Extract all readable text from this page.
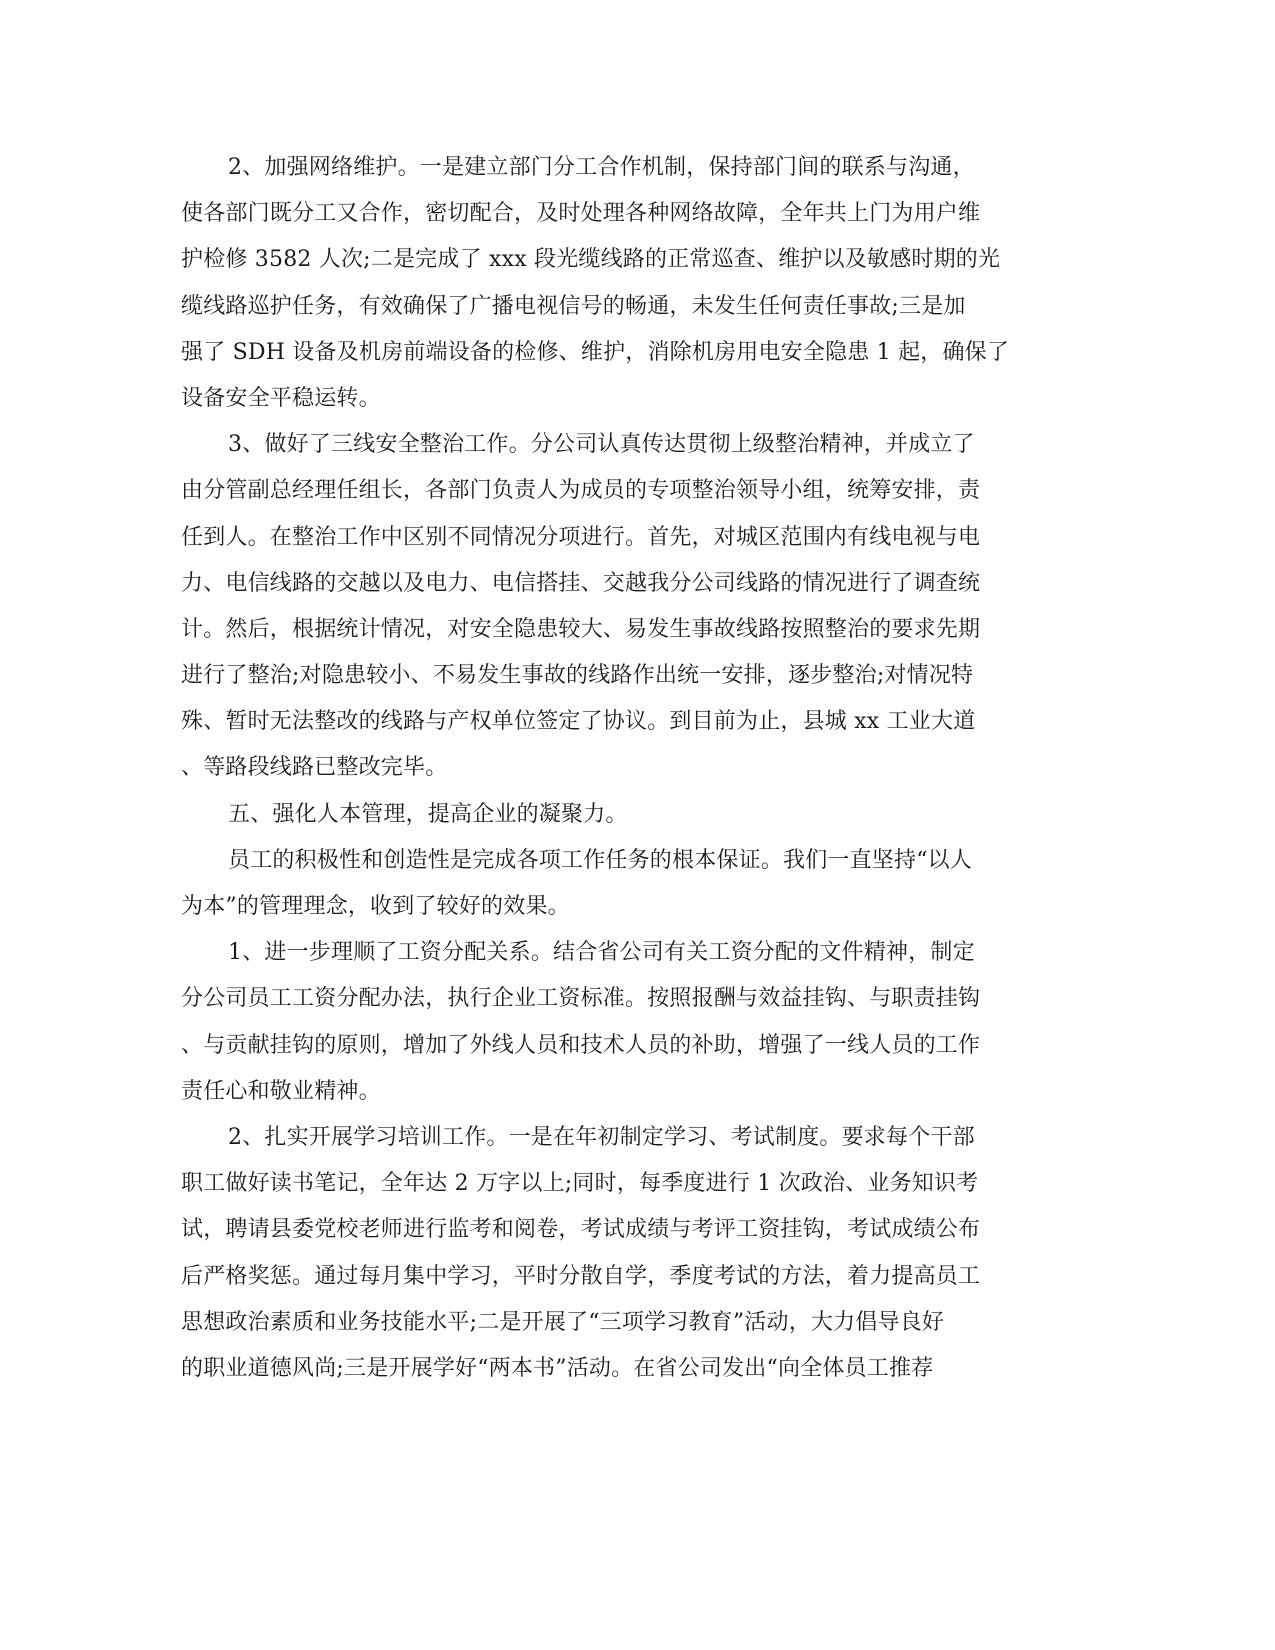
2、加强网络维护。一是建立部门分工合作机制，保持部门间的联系与沟通，
使各部门既分工又合作，密切配合，及时处理各种网络故障，全年共上门为用户维
护检修 3582 人次;二是完成了 xxx 段光缆线路的正常巡查、维护以及敏感时期的光
缆线路巡护任务，有效确保了广播电视信号的畅通，未发生任何责任事故;三是加
强了 SDH 设备及机房前端设备的检修、维护，消除机房用电安全隐患 1 起，确保了
设备安全平稳运转。
3、做好了三线安全整治工作。分公司认真传达贯彻上级整治精神，并成立了
由分管副总经理任组长，各部门负责人为成员的专项整治领导小组，统筹安排，责
任到人。在整治工作中区别不同情况分项进行。首先，对城区范围内有线电视与电
力、电信线路的交越以及电力、电信搭挂、交越我分公司线路的情况进行了调查统
计。然后，根据统计情况，对安全隐患较大、易发生事故线路按照整治的要求先期
进行了整治;对隐患较小、不易发生事故的线路作出统一安排，逐步整治;对情况特
殊、暂时无法整改的线路与产权单位签定了协议。到目前为止，县城 xx 工业大道
、等路段线路已整改完毕。
五、强化人本管理，提高企业的凝聚力。
员工的积极性和创造性是完成各项工作任务的根本保证。我们一直坚持“以人
为本”的管理理念，收到了较好的效果。
1、进一步理顺了工资分配关系。结合省公司有关工资分配的文件精神，制定
分公司员工工资分配办法，执行企业工资标准。按照报酬与效益挂钩、与职责挂钩
、与贡献挂钩的原则，增加了外线人员和技术人员的补助，增强了一线人员的工作
责任心和敬业精神。
2、扎实开展学习培训工作。一是在年初制定学习、考试制度。要求每个干部
职工做好读书笔记，全年达 2 万字以上;同时，每季度进行 1 次政治、业务知识考
试，聘请县委党校老师进行监考和阅卷，考试成绩与考评工资挂钩，考试成绩公布
后严格奖惩。通过每月集中学习，平时分散自学，季度考试的方法，着力提高员工
思想政治素质和业务技能水平;二是开展了“三项学习教育”活动，大力倡导良好
的职业道德风尚;三是开展学好“两本书”活动。在省公司发出“向全体员工推荐
